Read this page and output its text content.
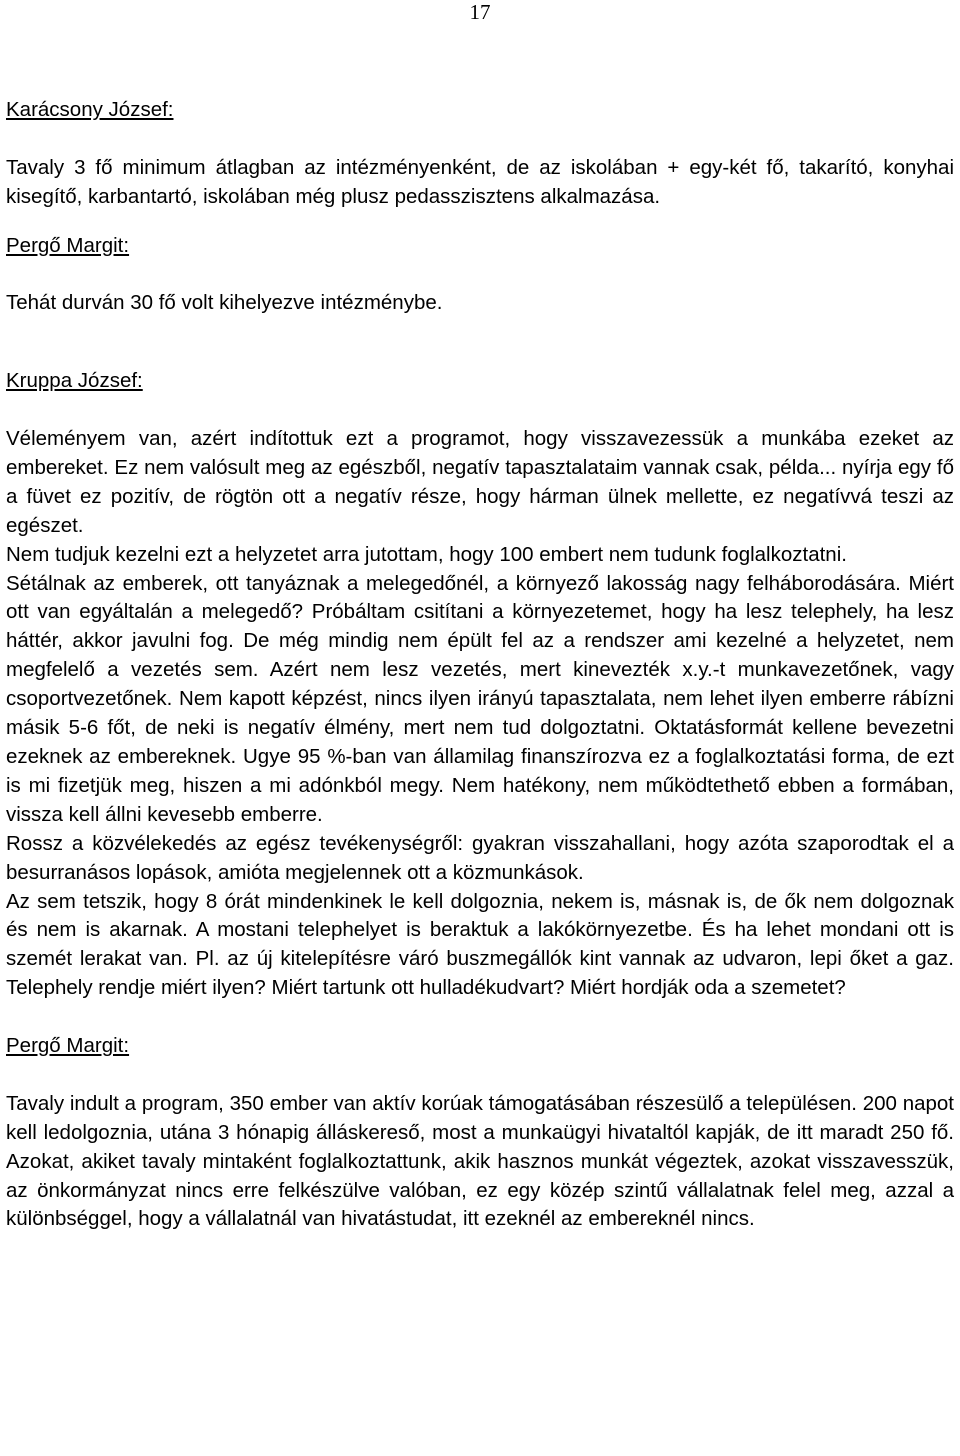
17

Karácsony József:

Tavaly 3 fő minimum átlagban az intézményenként, de az iskolában + egy-két fő, takarító, konyhai kisegítő, karbantartó, iskolában még plusz pedasszisztens alkalmazása.

Pergő Margit:

Tehát durván 30 fő volt kihelyezve intézménybe.

Kruppa József:

Véleményem van, azért indítottuk ezt a programot, hogy visszavezessük a munkába ezeket az embereket. Ez nem valósult meg az egészből, negatív tapasztalataim vannak csak, példa... nyírja egy fő a füvet ez pozitív, de rögtön ott a negatív része, hogy hárman ülnek mellette, ez negatívvá teszi az egészet.

Nem tudjuk kezelni ezt a helyzetet arra jutottam, hogy 100 embert nem tudunk foglalkoztatni.

Sétálnak az emberek, ott tanyáznak a melegedőnél, a környező lakosság nagy felháborodására. Miért ott van egyáltalán a melegedő? Próbáltam csitítani a környezetemet, hogy ha lesz telephely, ha lesz háttér, akkor javulni fog. De még mindig nem épült fel az a rendszer ami kezelné a helyzetet, nem megfelelő a vezetés sem. Azért nem lesz vezetés, mert kinevezték x.y.-t munkavezetőnek, vagy csoportvezetőnek. Nem kapott képzést, nincs ilyen irányú tapasztalata, nem lehet ilyen emberre rábízni másik 5-6 főt, de neki is negatív élmény, mert nem tud dolgoztatni. Oktatásformát kellene bevezetni ezeknek az embereknek. Ugye 95 %-ban van államilag finanszírozva ez a foglalkoztatási forma, de ezt is mi fizetjük meg, hiszen a mi adónkból megy. Nem hatékony, nem működtethető ebben a formában, vissza kell állni kevesebb emberre.

Rossz a közvélekedés az egész tevékenységről: gyakran visszahallani, hogy azóta szaporodtak el a besurranásos lopások, amióta megjelennek ott a közmunkások.

Az sem tetszik, hogy 8 órát mindenkinek le kell dolgoznia, nekem is, másnak is, de ők nem dolgoznak és nem is akarnak. A mostani telephelyet is beraktuk a lakókörnyezetbe. És ha lehet mondani ott is szemét lerakat van. Pl. az új kitelepítésre váró buszmegállók kint vannak az udvaron, lepi őket a gaz. Telephely rendje miért ilyen? Miért tartunk ott hulladékudvart? Miért hordják oda a szemetet?

Pergő Margit:

Tavaly indult a program, 350 ember van aktív korúak támogatásában részesülő a településen. 200 napot kell ledolgoznia, utána 3 hónapig álláskereső, most a munkaügyi hivataltól kapják, de itt maradt 250 fő. Azokat, akiket tavaly mintaként foglalkoztattunk, akik hasznos munkát végeztek, azokat visszavesszük, az önkormányzat nincs erre felkészülve valóban, ez egy közép szintű vállalatnak felel meg, azzal a különbséggel, hogy a vállalatnál van hivatástudat, itt ezeknél az embereknél nincs.
